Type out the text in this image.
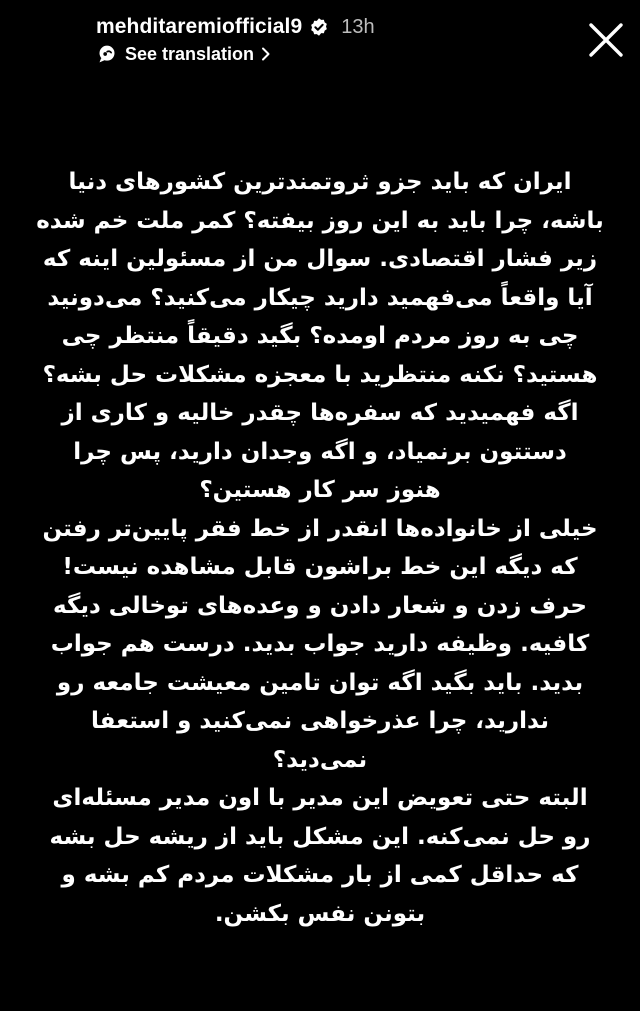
mehditaremiofficial9 13h
See translation
ایران که باید جزو ثروتمندترین کشورهای دنیا
باشه، چرا باید به این روز بیفته؟ کمر ملت خم شده
زیر فشار اقتصادی. سوال من از مسئولین اینه که
آیا واقعاً می‌فهمید دارید چیکار می‌کنید؟ می‌دونید
چی به روز مردم اومده؟ بگید دقیقاً منتظر چی
هستید؟ نکنه منتظرید با معجزه مشکلات حل بشه؟
اگه فهمیدید که سفره‌ها چقدر خالیه و کاری از
دستتون برنمیاد، و اگه وجدان دارید، پس چرا
هنوز سر کار هستین؟
خیلی از خانواده‌ها انقدر از خط فقر پایین‌تر رفتن
که دیگه این خط براشون قابل مشاهده نیست!
حرف زدن و شعار دادن و وعده‌های توخالی دیگه
کافیه. وظیفه دارید جواب بدید. درست هم جواب
بدید. باید بگید اگه توان تامین معیشت جامعه رو
ندارید، چرا عذرخواهی نمی‌کنید و استعفا
نمی‌دید؟
البته حتی تعویض این مدیر با اون مدیر مسئله‌ای
رو حل نمی‌کنه. این مشکل باید از ریشه حل بشه
که حداقل کمی از بار مشکلات مردم کم بشه و
بتونن نفس بکشن.
